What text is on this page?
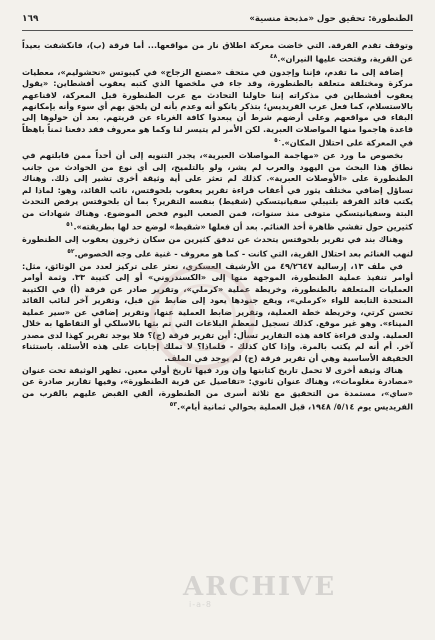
الطنطورة: تحقيق حول «مذبحة منسية»
١٦٩

وتوقف تقدم الفرقة. التي خاضت معركة اطلاق نار من مواقعها... أما فرقة (ب)، فانكشفت بعيداً عن القرية، وفتحت عليها النيران».$^{٤٨}$

إضافة إلى ما تقدم، فإننا وإجدون في متحف «مصنع الزجاج» في كيبوتس «نحشوليم»، معطيات مركزة ومختلفة متعلقة بالطنطورة، وقد جاء في ملخصها الذي كتبه يعقوب أفشطاين: «يقول يعقوب أفشطاين في مذكراته إننا حاولنا التحادث مع عرب الطنطورة قبل المعركة، لاقناعهم بالاستسلام، كما فعل عرب الفريديس؛ بتذكر يانكو أنه وعدم بأنه لن يلحق بهم أي سوء وأنه بإمكانهم البقاء في مواقعهم وعلى أرضهم شرط أن يبعدوا كافة الغرباء عن قريتهم. بعد أن حولوها إلى قاعدة هاجموا منها المواصلات العبرية. لكن الأمر لم يتيسر لنا وكما هو معروف فقد دفعنا ثمناً باهظاً في المعركة على احتلال المكان».$^{٥٠}$

بخصوص ما ورد عن «مهاجمة المواصلات العبرية»، يجدر التنويه إلى أن أحداً ممن قابلتهم في نطاق هذا البحث من اليهود والعرب لم يشر، ولو بالتلميح، إلى أي نوع من الحوادث من جانب الطنطورة على «الأوصلات العبرية». كذلك لم تعثر على أية وثيقة أخرى تشير إلى ذلك. وهناك تساؤل إضافي مختلف يثور في أعقاب قراءة تقرير يعقوب بلحوفتس، نائب القائد، وهو: لماذا لم يكتب قائد الفرقة بلتيبلي سفيانيتسكي (شقيط) بنفسه التقرير؟ بما أن بلحوفتس يرفض التحدث البتة وسفيانيتسكي متوفى منذ سنوات، فمن الصعب اليوم فحص الموضوع. وهناك شهادات من كثيرين حول تفشي ظاهرة أخذ الغنائم. بعد أن فعلها «شقيط» لوضع حد لها بطريقته».$^{٥١}$

وهناك بند في تقرير بلحوفتس يتحدث عن تدفق كثيرين من سكان زخرون يعقوب إلى الطنطورة لنهب الغنائم بعد احتلال القرية، التي كانت - كما هو معروف - غنية على وجه الخصوص.$^{٥٢}$

في ملف ١٣، إرسالية ٤٩/٢٦٤٧ من الأرشيف العسكري، نعثر على تركيز لعدد من الوثائق، مثل: أوامر تنفيذ عملية الطنطورة، الموجهة منها إلى «الكسندروني» أو إلى كتيبة ٣٣. وثمة أوامر العمليات المتعلقة بالطنطورة، وخريطة عملية «كرملي»، وتقرير صادر عن فرقة (أ) في الكتيبة المتحدة التابعة للواء «كرملي»، ويقع جنودها يعود إلى ضابط من قبل، وتقرير آخر لنائب القائد تحسن كرتي، وخريطة خطة العملية، وتقرير ضابط العملية عنها، وتقرير إضافي عن «سير عملية الميناء». وهو غير موقع. كذلك تسجيل لمعظم البلاغات التي تم بثها بالاسلكي أو التقاطها به خلال العملية. ولدى قراءة كافة هذه التقارير تسأل: أين تقرير فرقة (ج)؟ فلا يوجد تقرير كهذا لدى مصدر آخر. أم أنه لم يكتب بالمرة. وإذا كان كذلك - فلماذا؟ لا تملك إجابات على هذه الأسئلة. باستثناء الحقيقة الأساسية وهي أن تقرير فرقة (ج) لم يوجد في الملف.

هناك وثيقة أخرى لا تحمل تاريخ كتابتها وإن ورد فيها تاريخ أولي معين. تظهر الوثيقة تحت عنوان «مصادرة مغلومات»، وهناك عنوان ثانوي: «تفاصيل عن قرية الطنطورة»، وفيها تقارير صادرة عن «ساي»، مستمدة من التحقيق مع ثلاثة أسرى من الطنطورة، ألقي القبض عليهم بالقرب من الفريديس يوم ٥/١٤/ ١٩٤٨، قبل العملية بحوالي ثمانية أيام».$^{٥٣}$

ARCHIVE
i-a-8
